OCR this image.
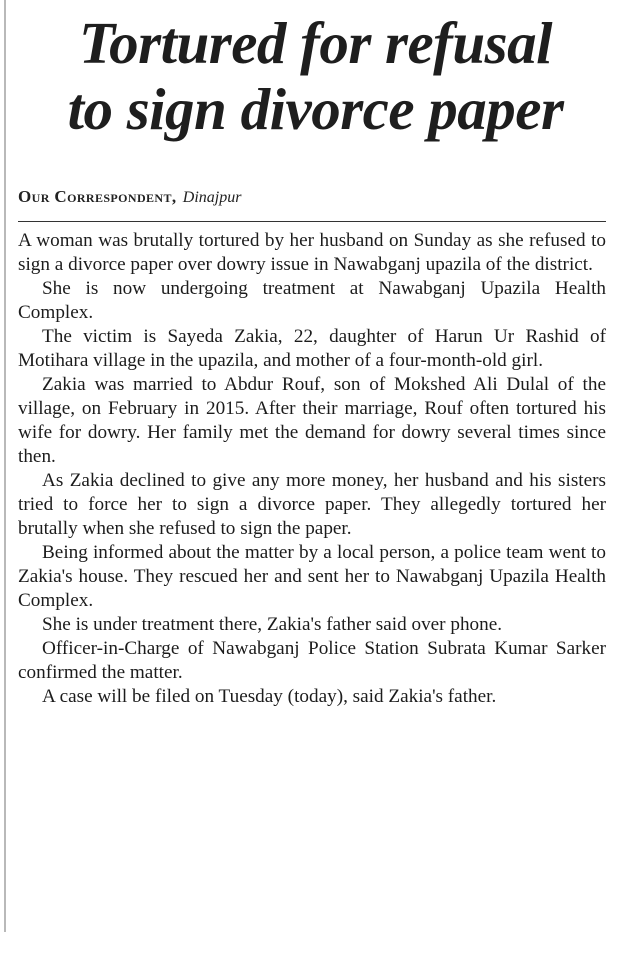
Tortured for refusal
to sign divorce paper
Our Correspondent, Dinajpur

A woman was brutally tortured by her husband on Sunday as she refused to sign a divorce paper over dowry issue in Nawabganj upazila of the district.

She is now undergoing treatment at Nawabganj Upazila Health Complex.

The victim is Sayeda Zakia, 22, daughter of Harun Ur Rashid of Motihara village in the upazila, and mother of a four-month-old girl.

Zakia was married to Abdur Rouf, son of Mokshed Ali Dulal of the village, on February in 2015. After their marriage, Rouf often tortured his wife for dowry. Her family met the demand for dowry several times since then.

As Zakia declined to give any more money, her husband and his sisters tried to force her to sign a divorce paper. They allegedly tortured her brutally when she refused to sign the paper.

Being informed about the matter by a local person, a police team went to Zakia's house. They rescued her and sent her to Nawabganj Upazila Health Complex.

She is under treatment there, Zakia's father said over phone.

Officer-in-Charge of Nawabganj Police Station Subrata Kumar Sarker confirmed the matter.

A case will be filed on Tuesday (today), said Zakia's father.
